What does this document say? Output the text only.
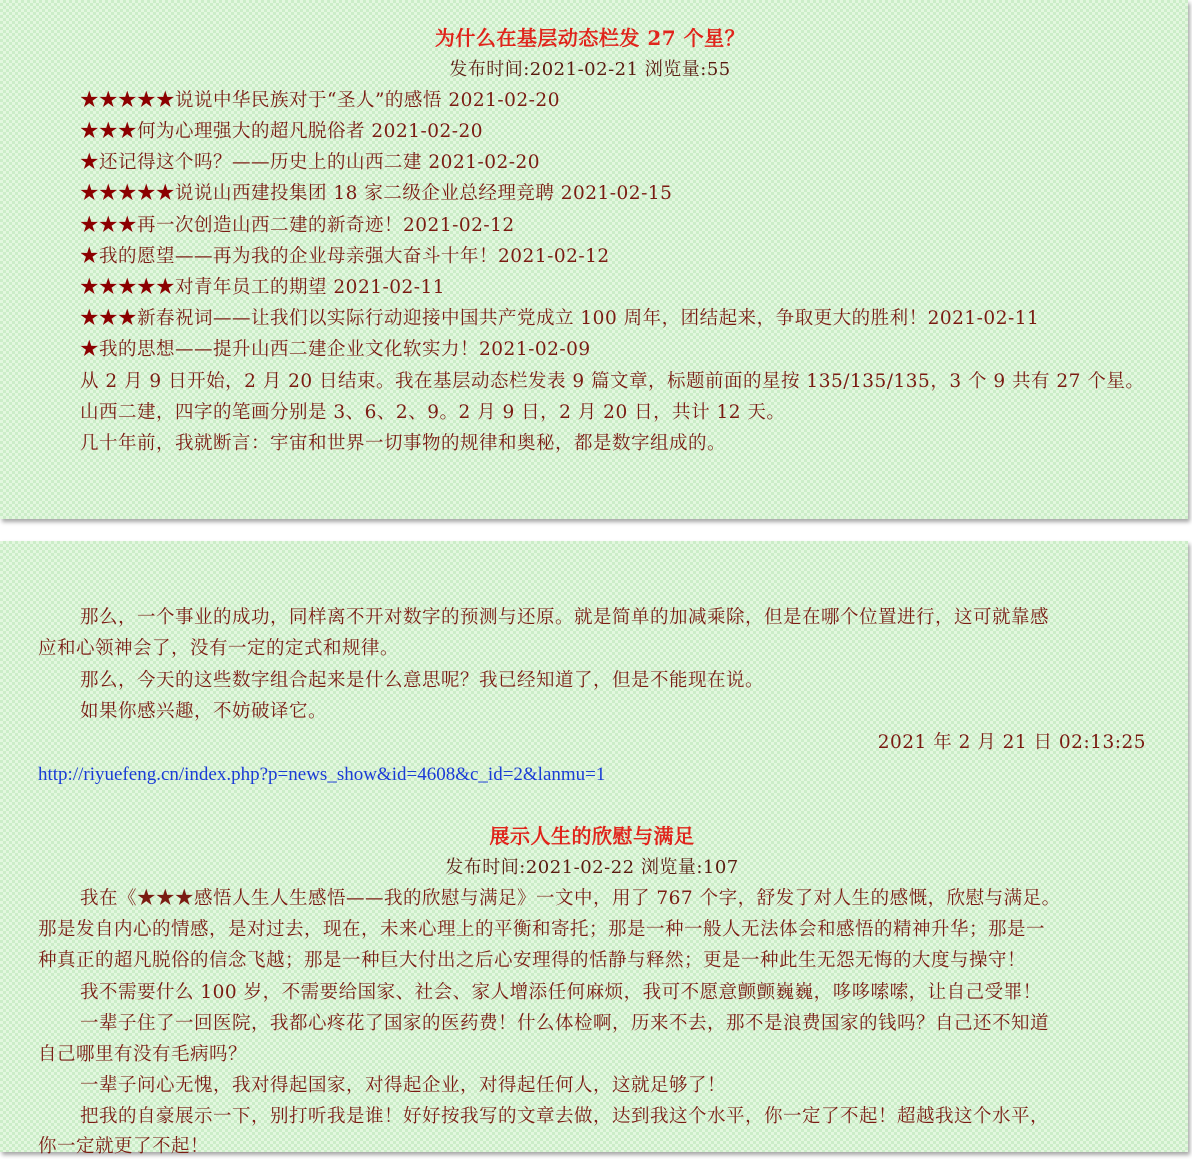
为什么在基层动态栏发 27 个星？
发布时间:2021-02-21 浏览量:55
★★★★★说说中华民族对于“圣人”的感悟 2021-02-20
★★★何为心理强大的超凡脱俗者 2021-02-20
★还记得这个吗？——历史上的山西二建 2021-02-20
★★★★★说说山西建投集团 18 家二级企业总经理竞聘 2021-02-15
★★★再一次创造山西二建的新奇迹！2021-02-12
★我的愿望——再为我的企业母亲强大奋斗十年！2021-02-12
★★★★★对青年员工的期望 2021-02-11
★★★新春祝词——让我们以实际行动迎接中国共产党成立 100 周年，团结起来，争取更大的胜利！2021-02-11
★我的思想——提升山西二建企业文化软实力！2021-02-09
从 2 月 9 日开始，2 月 20 日结束。我在基层动态栏发表 9 篇文章，标题前面的星按 135/135/135，3 个 9 共有 27 个星。
山西二建，四字的笔画分别是 3、6、2、9。2 月 9 日，2 月 20 日，共计 12 天。
几十年前，我就断言：宇宙和世界一切事物的规律和奥秘，都是数字组成的。
那么，一个事业的成功，同样离不开对数字的预测与还原。就是简单的加减乘除，但是在哪个位置进行，这可就靠感
应和心领神会了，没有一定的定式和规律。
那么，今天的这些数字组合起来是什么意思呢？我已经知道了，但是不能现在说。
如果你感兴趣，不妨破译它。
2021 年 2 月 21 日 02:13:25
http://riyuefeng.cn/index.php?p=news_show&id=4608&c_id=2&lanmu=1
展示人生的欣慰与满足
发布时间:2021-02-22 浏览量:107
我在《★★★感悟人生人生感悟——我的欣慰与满足》一文中，用了 767 个字，舒发了对人生的感慨，欣慰与满足。
那是发自内心的情感，是对过去，现在，未来心理上的平衡和寄托；那是一种一般人无法体会和感悟的精神升华；那是一
种真正的超凡脱俗的信念飞越；那是一种巨大付出之后心安理得的恬静与释然；更是一种此生无怨无悔的大度与操守！
我不需要什么 100 岁，不需要给国家、社会、家人增添任何麻烦，我可不愿意颤颤巍巍，哆哆嗦嗦，让自己受罪！
一辈子住了一回医院，我都心疼花了国家的医药费！什么体检啊，历来不去，那不是浪费国家的钱吗？自己还不知道
自己哪里有没有毛病吗？
一辈子问心无愧，我对得起国家，对得起企业，对得起任何人，这就足够了！
把我的自豪展示一下，别打听我是谁！好好按我写的文章去做，达到我这个水平，你一定了不起！超越我这个水平，
你一定就更了不起！
